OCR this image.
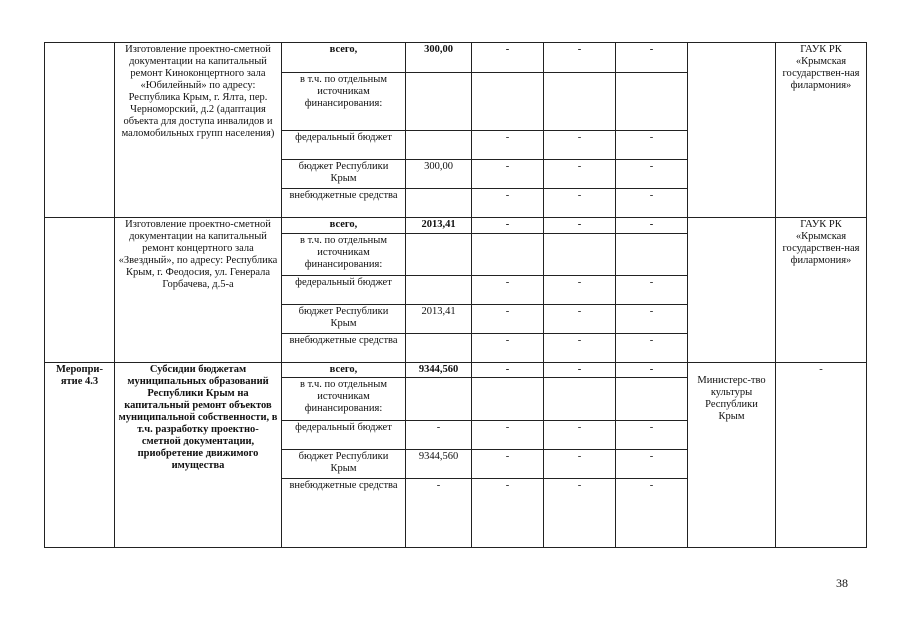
	Изготовление проектно-сметной документации на капитальный ремонт Киноконцертного зала «Юбилейный» по адресу: Республика Крым, г. Ялта, пер. Черноморский, д.2 (адаптация объекта для доступа инвалидов и маломобильных групп населения)	всего,	300,00	-	-	-		ГАУК РК «Крымская государствен-ная филармония»
		в т.ч. по отдельным источникам финансирования:						
		федеральный бюджет		-	-	-		
		бюджет Республики Крым	300,00	-	-	-		
		внебюджетные средства		-	-	-		
	Изготовление проектно-сметной документации на капитальный ремонт концертного зала «Звездный», по адресу: Республика Крым, г. Феодосия, ул. Генерала Горбачева, д.5-а	всего,	2013,41	-	-	-		ГАУК РК «Крымская государствен-ная филармония»
		в т.ч. по отдельным источникам финансирования:						
		федеральный бюджет		-	-	-		
		бюджет Республики Крым	2013,41	-	-	-		
		внебюджетные средства		-	-	-		
Меропри-ятие 4.3	Субсидии бюджетам муниципальных образований Республики Крым на капитальный ремонт объектов муниципальной собственности, в т.ч. разработку проектно-сметной документации, приобретение движимого имущества	всего,	9344,560	-	-	-	Министерс-тво культуры Республики Крым	-
		в т.ч. по отдельным источникам финансирования:						
		федеральный бюджет	-	-	-	-		
		бюджет Республики Крым	9344,560	-	-	-		
		внебюджетные средства	-	-	-	-		
38
